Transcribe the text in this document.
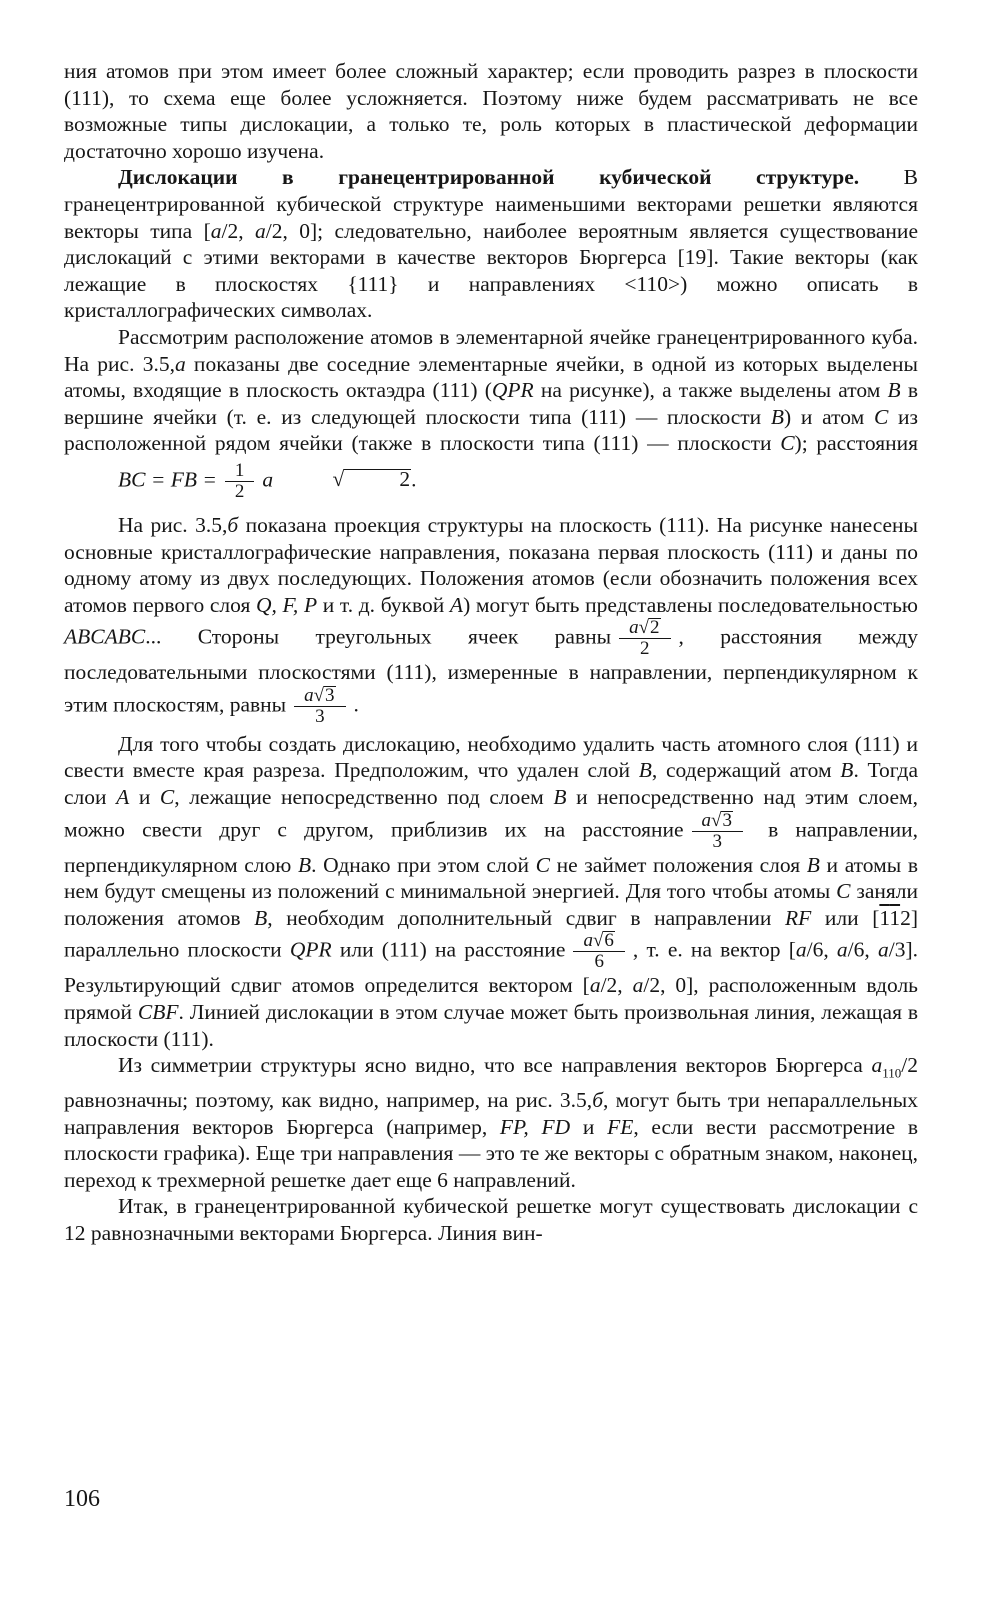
ния атомов при этом имеет более сложный характер; если проводить разрез в плоскости (111), то схема еще более усложняется. Поэтому ниже будем рассматривать не все возможные типы дислокации, а только те, роль которых в пластической деформации достаточно хорошо изучена.

Дислокации в гранецентрированной кубической структуре. В гранецентрированной кубической структуре наименьшими векторами решетки являются векторы типа [a/2, a/2, 0]; следовательно, наиболее вероятным является существование дислокаций с этими векторами в качестве векторов Бюргерса [19]. Такие векторы (как лежащие в плоскостях {111} и направлениях <110>) можно описать в кристаллографических символах.

Рассмотрим расположение атомов в элементарной ячейке гранецентрированного куба. На рис. 3.5,а показаны две соседние элементарные ячейки, в одной из которых выделены атомы, входящие в плоскость октаэдра (111) (QPR на рисунке), а также выделены атом B в вершине ячейки (т. е. из следующей плоскости типа (111) — плоскости B) и атом C из расположенной рядом ячейки (также в плоскости типа (111) — плоскости C); расстояния BC = FB = $\frac{1}{2}$ a	√	2.

На рис. 3.5,б показана проекция структуры на плоскость (111). На рисунке нанесены основные кристаллографические направления, показана первая плоскость (111) и даны по одному атому из двух последующих. Положения атомов (если обозначить положения всех атомов первого слоя Q, F, P и т. д. буквой A) могут быть представлены последовательностью ABCABC... Стороны треугольных ячеек равны $\frac{a√2}{2}$ , расстояния между последовательными плоскостями (111), измеренные в направлении, перпендикулярном к этим плоскостям, равны $\frac{a√3}{3}$ .

Для того чтобы создать дислокацию, необходимо удалить часть атомного слоя (111) и свести вместе края разреза. Предположим, что удален слой B, содержащий атом B. Тогда слои A и C, лежащие непосредственно под слоем B и непосредственно над этим слоем, можно свести друг с другом, приблизив их на расстояние $\frac{a√3}{3}$ в направлении, перпендикулярном слою B. Однако при этом слой C не займет положения слоя B и атомы в нем будут смещены из положений с минимальной энергией. Для того чтобы атомы C заняли положения атомов B, необходим дополнительный сдвиг в направлении RF или [112] параллельно плоскости QPR или (111) на расстояние $\frac{a√6}{6}$ , т. е. на вектор [a/6, a/6, a/3]. Результирующий сдвиг атомов определится вектором [a/2, a/2, 0], расположенным вдоль прямой CBF. Линией дислокации в этом случае может быть произвольная линия, лежащая в плоскости (111).

Из симметрии структуры ясно видно, что все направления векторов Бюргерса $a_{110}/2$ равнозначны; поэтому, как видно, например, на рис. 3.5,б, могут быть три непараллельных направления векторов Бюргерса (например, FP, FD и FE, если вести рассмотрение в плоскости графика). Еще три направления — это те же векторы с обратным знаком, наконец, переход к трехмерной решетке дает еще 6 направлений.

Итак, в гранецентрированной кубической решетке могут существовать дислокации с 12 равнозначными векторами Бюргерса. Линия вин-

106
